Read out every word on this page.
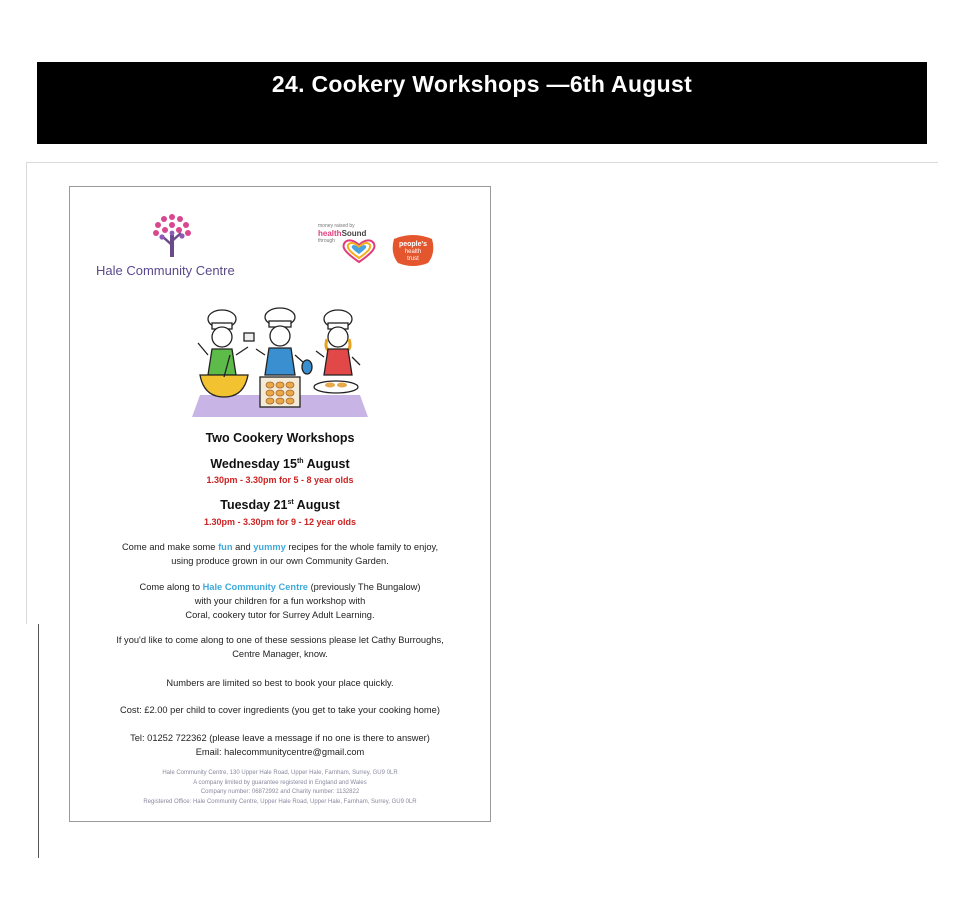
24. Cookery Workshops —6th August
Hale Community Centre
money raised by
healthSound
through	people's
health
trust
Two Cookery Workshops
Wednesday 15th August
1.30pm - 3.30pm for 5 - 8 year olds
Tuesday 21st August
1.30pm - 3.30pm for 9 - 12 year olds
Come and make some fun and yummy recipes for the whole family to enjoy,
using produce grown in our own Community Garden.
Come along to Hale Community Centre (previously The Bungalow)
with your children for a fun workshop with
Coral, cookery tutor for Surrey Adult Learning.
If you'd like to come along to one of these sessions please let Cathy Burroughs,
Centre Manager, know.
Numbers are limited so best to book your place quickly.
Cost: £2.00 per child to cover ingredients (you get to take your cooking home)
Tel: 01252 722362 (please leave a message if no one is there to answer)
Email: halecommunitycentre@gmail.com
Hale Community Centre, 130 Upper Hale Road, Upper Hale, Farnham, Surrey, GU9 0LR
A company limited by guarantee registered in England and Wales
Company number: 06872992 and Charity number: 1132822
Registered Office: Hale Community Centre, Upper Hale Road, Upper Hale, Farnham, Surrey, GU9 0LR
